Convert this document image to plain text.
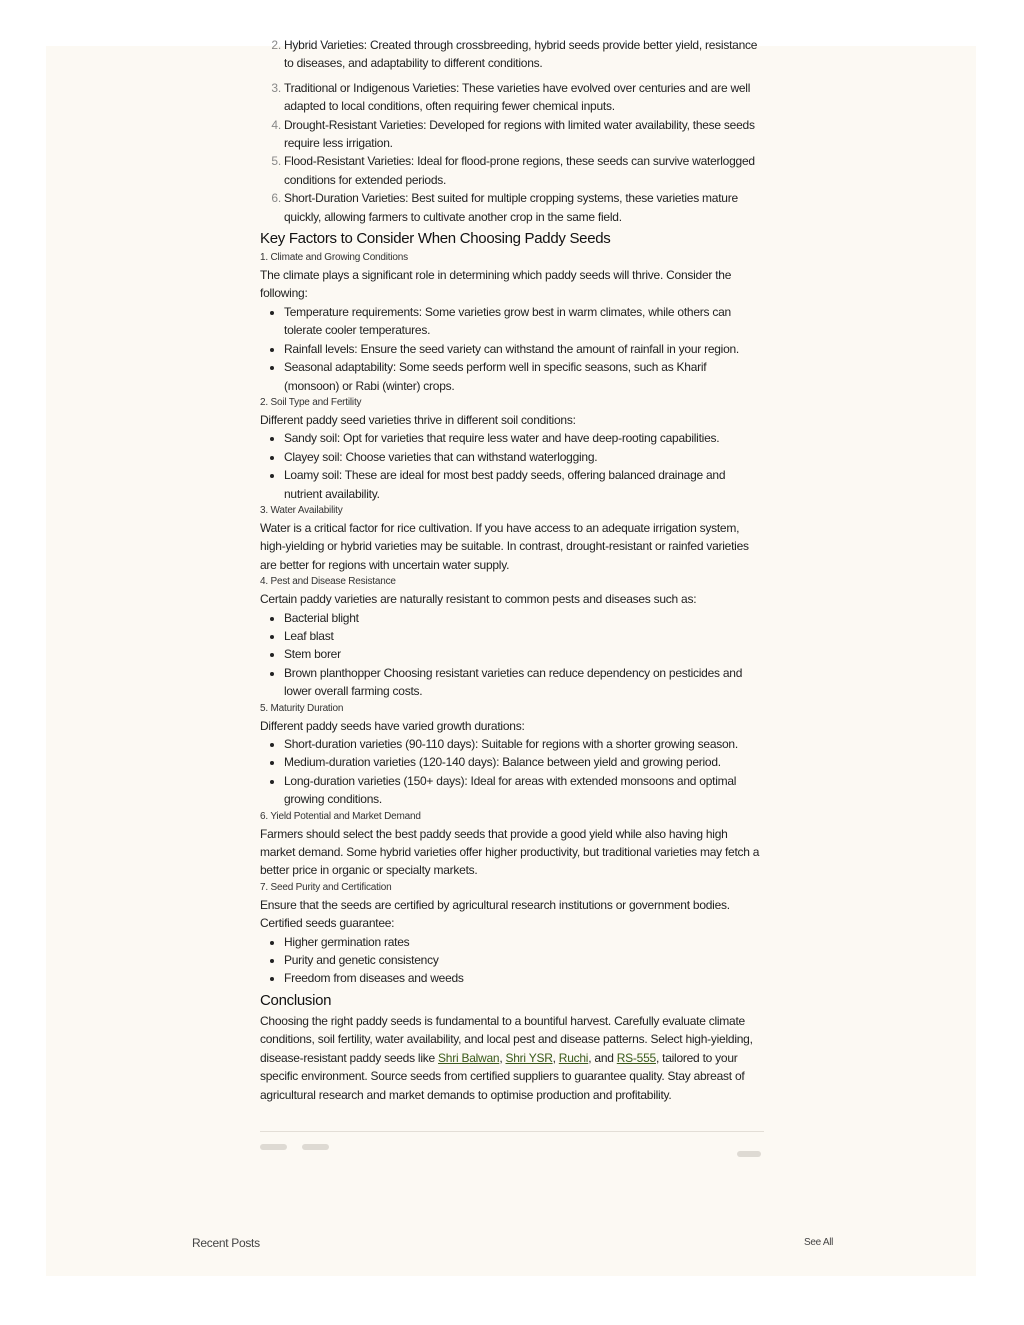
2. Hybrid Varieties: Created through crossbreeding, hybrid seeds provide better yield, resistance to diseases, and adaptability to different conditions.
3. Traditional or Indigenous Varieties: These varieties have evolved over centuries and are well adapted to local conditions, often requiring fewer chemical inputs.
4. Drought-Resistant Varieties: Developed for regions with limited water availability, these seeds require less irrigation.
5. Flood-Resistant Varieties: Ideal for flood-prone regions, these seeds can survive waterlogged conditions for extended periods.
6. Short-Duration Varieties: Best suited for multiple cropping systems, these varieties mature quickly, allowing farmers to cultivate another crop in the same field.
Key Factors to Consider When Choosing Paddy Seeds
1. Climate and Growing Conditions

The climate plays a significant role in determining which paddy seeds will thrive. Consider the following:

• Temperature requirements: Some varieties grow best in warm climates, while others can tolerate cooler temperatures.
• Rainfall levels: Ensure the seed variety can withstand the amount of rainfall in your region.
• Seasonal adaptability: Some seeds perform well in specific seasons, such as Kharif (monsoon) or Rabi (winter) crops.
2. Soil Type and Fertility

Different paddy seed varieties thrive in different soil conditions:

• Sandy soil: Opt for varieties that require less water and have deep-rooting capabilities.
• Clayey soil: Choose varieties that can withstand waterlogging.
• Loamy soil: These are ideal for most best paddy seeds, offering balanced drainage and nutrient availability.
3. Water Availability

Water is a critical factor for rice cultivation. If you have access to an adequate irrigation system, high-yielding or hybrid varieties may be suitable. In contrast, drought-resistant or rainfed varieties are better for regions with uncertain water supply.

4. Pest and Disease Resistance

Certain paddy varieties are naturally resistant to common pests and diseases such as:

• Bacterial blight
• Leaf blast
• Stem borer
• Brown planthopper Choosing resistant varieties can reduce dependency on pesticides and lower overall farming costs.
5. Maturity Duration

Different paddy seeds have varied growth durations:

• Short-duration varieties (90-110 days): Suitable for regions with a shorter growing season.
• Medium-duration varieties (120-140 days): Balance between yield and growing period.
• Long-duration varieties (150+ days): Ideal for areas with extended monsoons and optimal growing conditions.
6. Yield Potential and Market Demand

Farmers should select the best paddy seeds that provide a good yield while also having high market demand. Some hybrid varieties offer higher productivity, but traditional varieties may fetch a better price in organic or specialty markets.

7. Seed Purity and Certification

Ensure that the seeds are certified by agricultural research institutions or government bodies. Certified seeds guarantee:

• Higher germination rates
• Purity and genetic consistency
• Freedom from diseases and weeds
Conclusion

Choosing the right paddy seeds is fundamental to a bountiful harvest. Carefully evaluate climate conditions, soil fertility, water availability, and local pest and disease patterns. Select high-yielding, disease-resistant paddy seeds like Shri Balwan, Shri YSR, Ruchi, and RS-555, tailored to your specific environment. Source seeds from certified suppliers to guarantee quality. Stay abreast of agricultural research and market demands to optimise production and profitability.

Recent Posts	See All
